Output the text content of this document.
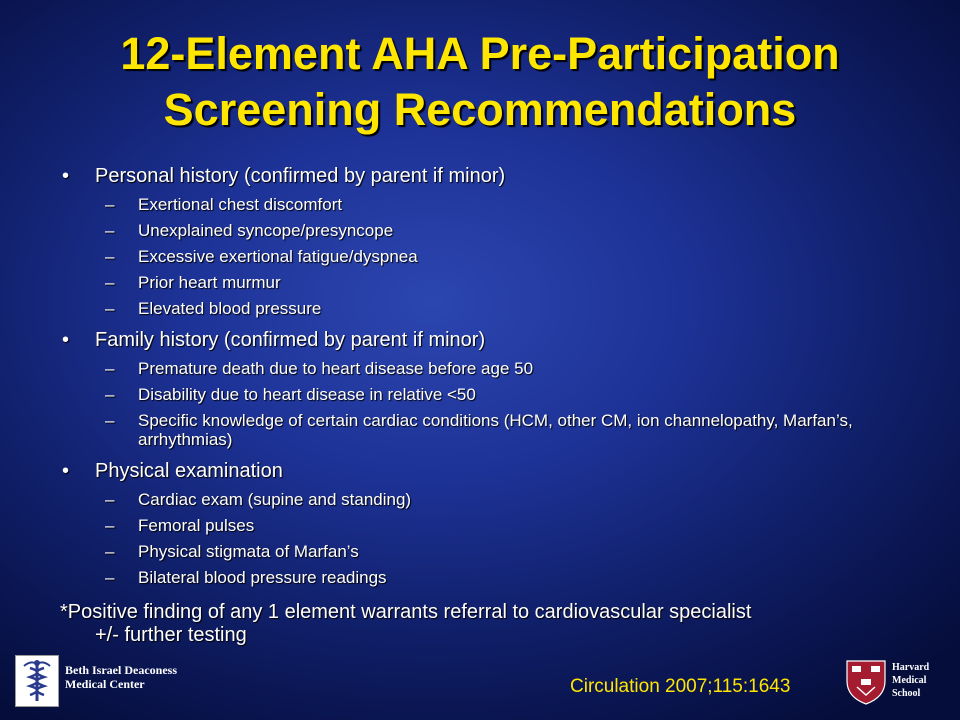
12-Element AHA Pre-Participation
Screening Recommendations
• Personal history (confirmed by parent if minor)
– Exertional chest discomfort
– Unexplained syncope/presyncope
– Excessive exertional fatigue/dyspnea
– Prior heart murmur
– Elevated blood pressure
• Family history (confirmed by parent if minor)
– Premature death due to heart disease before age 50
– Disability due to heart disease in relative <50
– Specific knowledge of certain cardiac conditions (HCM, other CM, ion channelopathy, Marfan’s, arrhythmias)
• Physical examination
– Cardiac exam (supine and standing)
– Femoral pulses
– Physical stigmata of Marfan’s
– Bilateral blood pressure readings
*Positive finding of any 1 element warrants referral to cardiovascular specialist
+/- further testing
Circulation 2007;115:1643
Beth Israel Deaconess
Medical Center
Harvard
Medical
School
